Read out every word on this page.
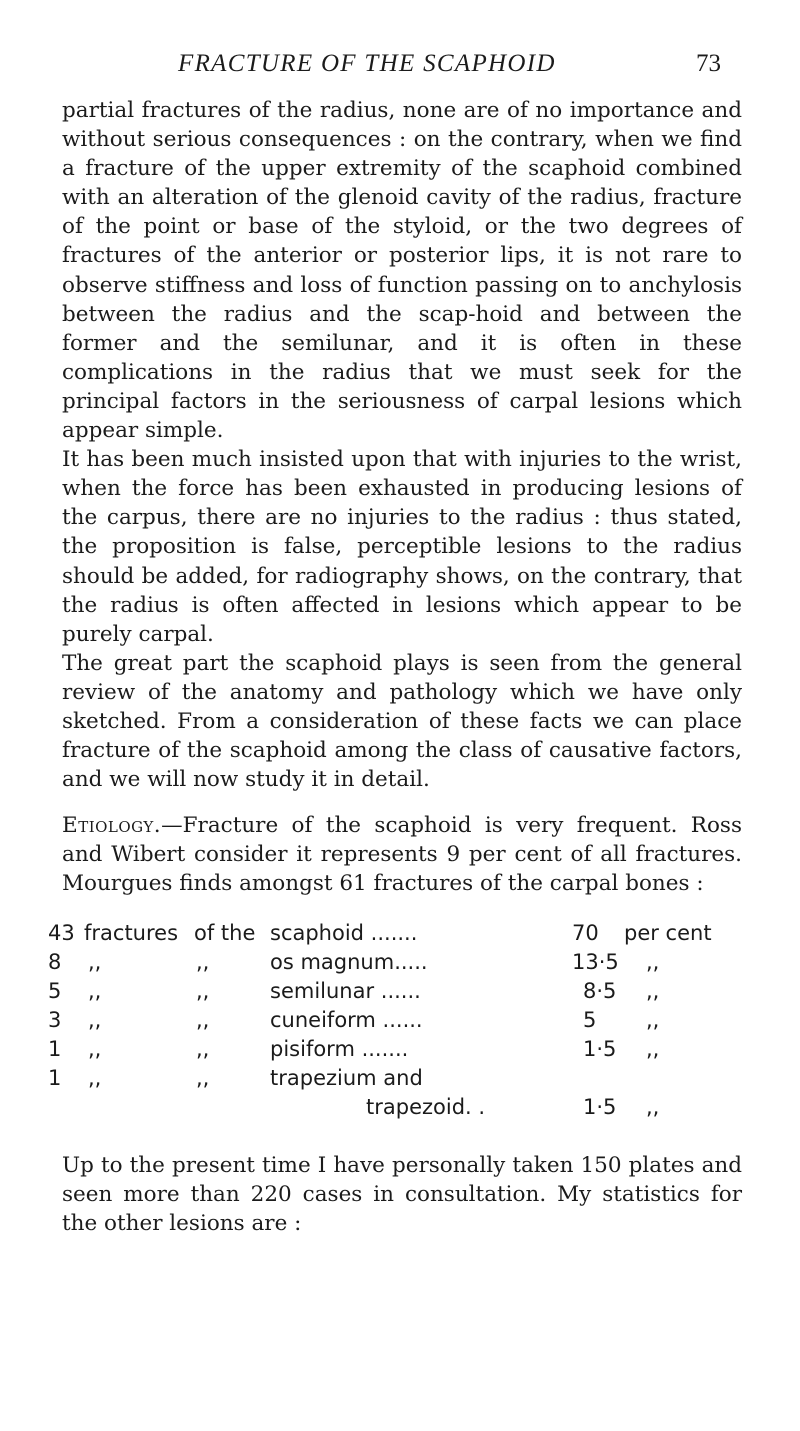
FRACTURE OF THE SCAPHOID	73

partial fractures of the radius, none are of no importance and without serious consequences : on the contrary, when we find a fracture of the upper extremity of the scaphoid combined with an alteration of the glenoid cavity of the radius, fracture of the point or base of the styloid, or the two degrees of fractures of the anterior or posterior lips, it is not rare to observe stiffness and loss of function passing on to anchylosis between the radius and the scap-hoid and between the former and the semilunar, and it is often in these complications in the radius that we must seek for the principal factors in the seriousness of carpal lesions which appear simple.

It has been much insisted upon that with injuries to the wrist, when the force has been exhausted in producing lesions of the carpus, there are no injuries to the radius : thus stated, the proposition is false, perceptible lesions to the radius should be added, for radiography shows, on the contrary, that the radius is often affected in lesions which appear to be purely carpal.

The great part the scaphoid plays is seen from the general review of the anatomy and pathology which we have only sketched. From a consideration of these facts we can place fracture of the scaphoid among the class of causative factors, and we will now study it in detail.

Etiology.—Fracture of the scaphoid is very frequent. Ross and Wibert consider it represents 9 per cent of all fractures. Mourgues finds amongst 61 fractures of the carpal bones :

43 fractures of the scaphoid .......	70 per cent
8	,,	,,	os magnum.....	13·5 ,,
5	,,	,,	semilunar ......	8·5 ,,
3	,,	,,	cuneiform ......	5 ,,
1	,,	,,	pisiform .......	1·5 ,,
1	,,	,,	trapezium and
trapezoid. .	1·5 ,,

Up to the present time I have personally taken 150 plates and seen more than 220 cases in consultation. My statistics for the other lesions are :
